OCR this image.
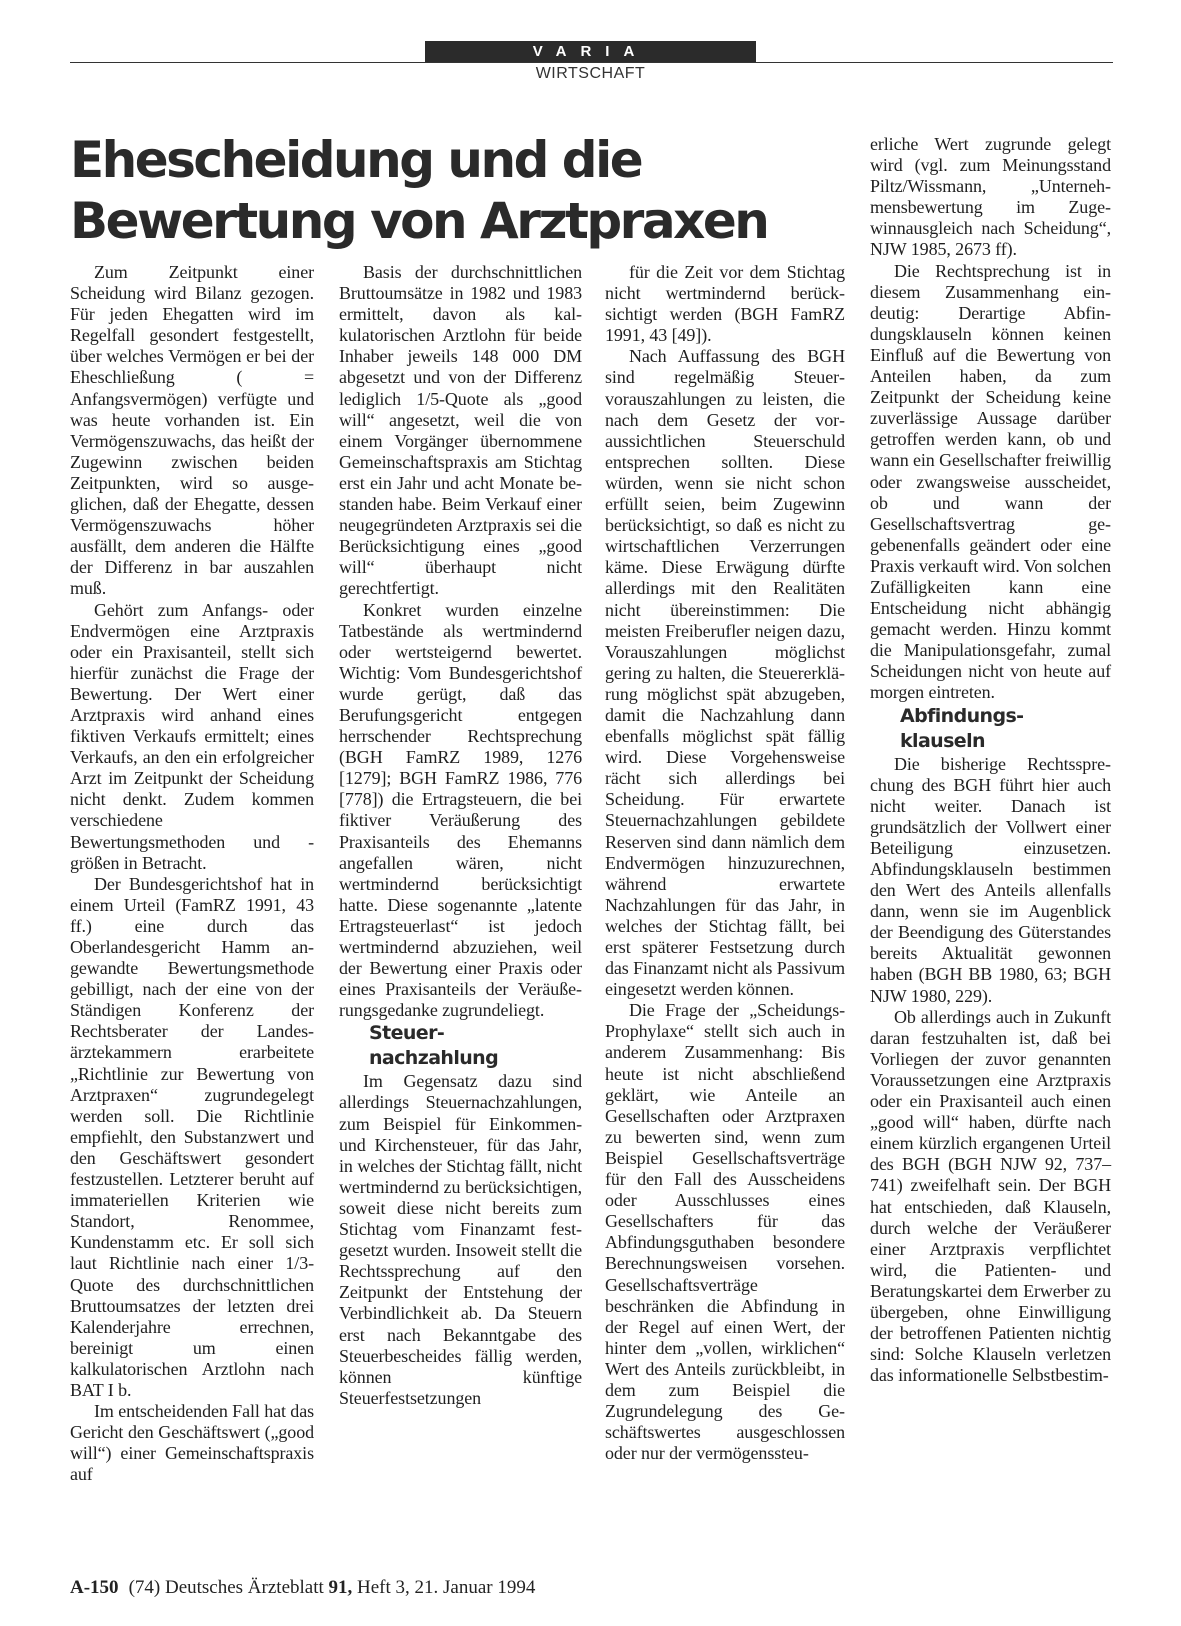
VARIA
WIRTSCHAFT
Ehescheidung und die
Bewertung von Arztpraxen

Zum Zeitpunkt einer Scheidung wird Bilanz gezogen. Für jeden Ehegatten wird im Regelfall gesondert festgestellt, über welches Vermögen er bei der Eheschließung ( = Anfangsvermögen) verfügte und was heute vorhanden ist. Ein Vermögenszuwachs, das heißt der Zugewinn zwischen beiden Zeitpunkten, wird so ausgeglichen, daß der Ehegatte, dessen Vermögenszuwachs höher ausfällt, dem anderen die Hälfte der Differenz in bar auszahlen muß.

Gehört zum Anfangs- oder Endvermögen eine Arztpraxis oder ein Praxisanteil, stellt sich hierfür zunächst die Frage der Bewertung. Der Wert einer Arztpraxis wird anhand eines fiktiven Verkaufs ermittelt; eines Verkaufs, an den ein erfolgreicher Arzt im Zeitpunkt der Scheidung nicht denkt. Zudem kommen verschiedene Bewertungsmethoden und -größen in Betracht.

Der Bundesgerichtshof hat in einem Urteil (FamRZ 1991, 43 ff.) eine durch das Oberlandesgericht Hamm angewandte Bewertungsmethode gebilligt, nach der eine von der Ständigen Konferenz der Rechtsberater der Landesärztekammern erarbeitete „Richtlinie zur Bewertung von Arztpraxen“ zugrundegelegt werden soll. Die Richtlinie empfiehlt, den Substanzwert und den Geschäftswert gesondert festzustellen. Letzterer beruht auf immateriellen Kriterien wie Standort, Renommee, Kundenstamm etc. Er soll sich laut Richtlinie nach einer 1/3-Quote des durchschnittlichen Bruttoumsatzes der letzten drei Kalenderjahre errechnen, bereinigt um einen kalkulatorischen Arztlohn nach BAT I b.

Im entscheidenden Fall hat das Gericht den Geschäftswert („good will“) einer Gemeinschaftspraxis auf

Basis der durchschnittlichen Bruttoumsätze in 1982 und 1983 ermittelt, davon als kalkulatorischen Arztlohn für beide Inhaber jeweils 148 000 DM abgesetzt und von der Differenz lediglich 1/5-Quote als „good will“ angesetzt, weil die von einem Vorgänger übernommene Gemeinschaftspraxis am Stichtag erst ein Jahr und acht Monate bestanden habe. Beim Verkauf einer neugegründeten Arztpraxis sei die Berücksichtigung eines „good will“ überhaupt nicht gerechtfertigt.

Konkret wurden einzelne Tatbestände als wertmindernd oder wertsteigernd bewertet. Wichtig: Vom Bundesgerichtshof wurde gerügt, daß das Berufungsgericht entgegen herrschender Rechtsprechung (BGH FamRZ 1989, 1276 [1279]; BGH FamRZ 1986, 776 [778]) die Ertragsteuern, die bei fiktiver Veräußerung des Praxisanteils des Ehemanns angefallen wären, nicht wertmindernd berücksichtigt hatte. Diese sogenannte „latente Ertragsteuerlast“ ist jedoch wertmindernd abzuziehen, weil der Bewertung einer Praxis oder eines Praxisanteils der Veräußerungsgedanke zugrundeliegt.

Steuer-
nachzahlung

Im Gegensatz dazu sind allerdings Steuernachzahlungen, zum Beispiel für Einkommen- und Kirchensteuer, für das Jahr, in welches der Stichtag fällt, nicht wertmindernd zu berücksichtigen, soweit diese nicht bereits zum Stichtag vom Finanzamt festgesetzt wurden. Insoweit stellt die Rechtssprechung auf den Zeitpunkt der Entstehung der Verbindlichkeit ab. Da Steuern erst nach Bekanntgabe des Steuerbescheides fällig werden, können künftige Steuerfestsetzungen

für die Zeit vor dem Stichtag nicht wertmindernd berücksichtigt werden (BGH FamRZ 1991, 43 [49]).

Nach Auffassung des BGH sind regelmäßig Steuervorauszahlungen zu leisten, die nach dem Gesetz der voraussichtlichen Steuerschuld entsprechen sollten. Diese würden, wenn sie nicht schon erfüllt seien, beim Zugewinn berücksichtigt, so daß es nicht zu wirtschaftlichen Verzerrungen käme. Diese Erwägung dürfte allerdings mit den Realitäten nicht übereinstimmen: Die meisten Freiberufler neigen dazu, Vorauszahlungen möglichst gering zu halten, die Steuererklärung möglichst spät abzugeben, damit die Nachzahlung dann ebenfalls möglichst spät fällig wird. Diese Vorgehensweise rächt sich allerdings bei Scheidung. Für erwartete Steuernachzahlungen gebildete Reserven sind dann nämlich dem Endvermögen hinzuzurechnen, während erwartete Nachzahlungen für das Jahr, in welches der Stichtag fällt, bei erst späterer Festsetzung durch das Finanzamt nicht als Passivum eingesetzt werden können.

Die Frage der „Scheidungs-Prophylaxe“ stellt sich auch in anderem Zusammenhang: Bis heute ist nicht abschließend geklärt, wie Anteile an Gesellschaften oder Arztpraxen zu bewerten sind, wenn zum Beispiel Gesellschaftsverträge für den Fall des Ausscheidens oder Ausschlusses eines Gesellschafters für das Abfindungsguthaben besondere Berechnungsweisen vorsehen. Gesellschaftsverträge beschränken die Abfindung in der Regel auf einen Wert, der hinter dem „vollen, wirklichen“ Wert des Anteils zurückbleibt, in dem zum Beispiel die Zugrundelegung des Geschäftswertes ausgeschlossen oder nur der vermögenssteu-

erliche Wert zugrunde gelegt wird (vgl. zum Meinungsstand Piltz/Wissmann, „Unternehmensbewertung im Zugewinnausgleich nach Scheidung“, NJW 1985, 2673 ff).

Die Rechtsprechung ist in diesem Zusammenhang eindeutig: Derartige Abfindungsklauseln können keinen Einfluß auf die Bewertung von Anteilen haben, da zum Zeitpunkt der Scheidung keine zuverlässige Aussage darüber getroffen werden kann, ob und wann ein Gesellschafter freiwillig oder zwangsweise ausscheidet, ob und wann der Gesellschaftsvertrag gegebenenfalls geändert oder eine Praxis verkauft wird. Von solchen Zufälligkeiten kann eine Entscheidung nicht abhängig gemacht werden. Hinzu kommt die Manipulationsgefahr, zumal Scheidungen nicht von heute auf morgen eintreten.

Abfindungs-
klauseln

Die bisherige Rechtssprechung des BGH führt hier auch nicht weiter. Danach ist grundsätzlich der Vollwert einer Beteiligung einzusetzen. Abfindungsklauseln bestimmen den Wert des Anteils allenfalls dann, wenn sie im Augenblick der Beendigung des Güterstandes bereits Aktualität gewonnen haben (BGH BB 1980, 63; BGH NJW 1980, 229).

Ob allerdings auch in Zukunft daran festzuhalten ist, daß bei Vorliegen der zuvor genannten Voraussetzungen eine Arztpraxis oder ein Praxisanteil auch einen „good will“ haben, dürfte nach einem kürzlich ergangenen Urteil des BGH (BGH NJW 92, 737–741) zweifelhaft sein. Der BGH hat entschieden, daß Klauseln, durch welche der Veräußerer einer Arztpraxis verpflichtet wird, die Patienten- und Beratungskartei dem Erwerber zu übergeben, ohne Einwilligung der betroffenen Patienten nichtig sind: Solche Klauseln verletzen das informationelle Selbstbestim-

A-150 (74) Deutsches Ärzteblatt 91, Heft 3, 21. Januar 1994
